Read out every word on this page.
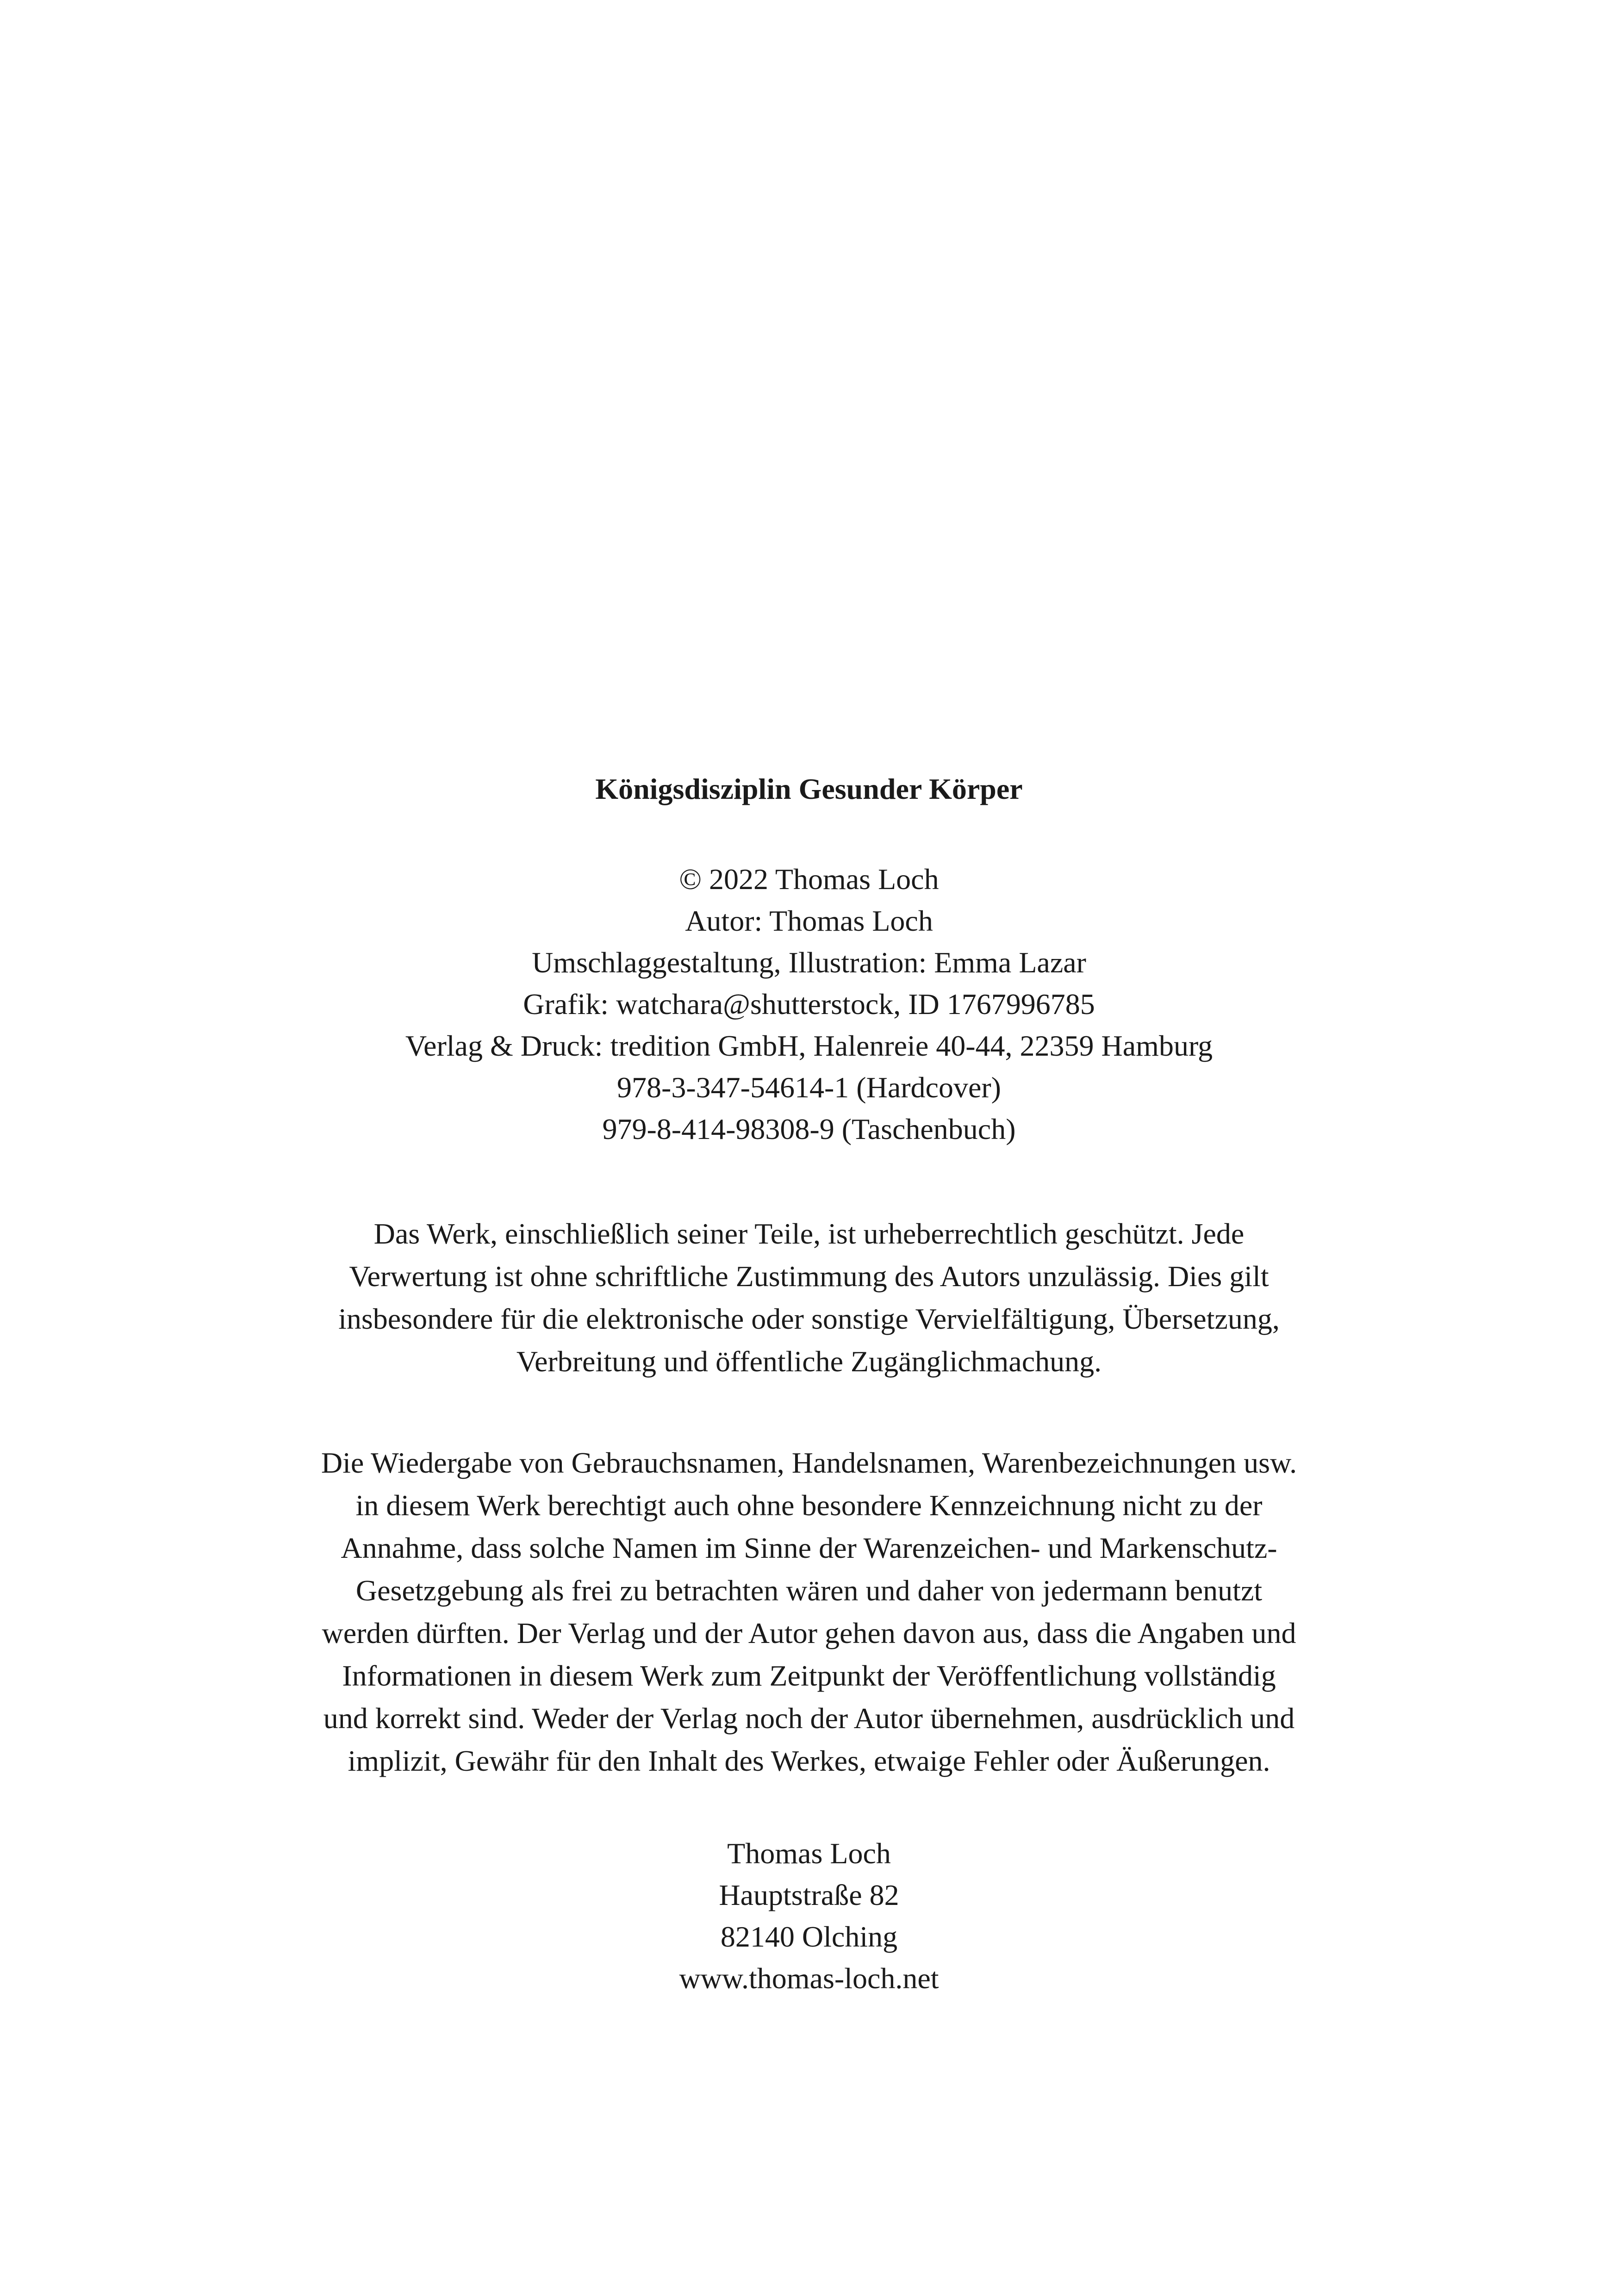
Königsdisziplin Gesunder Körper
© 2022 Thomas Loch
Autor: Thomas Loch
Umschlaggestaltung, Illustration: Emma Lazar
Grafik: watchara@shutterstock, ID 1767996785
Verlag & Druck: tredition GmbH, Halenreie 40-44, 22359 Hamburg
978-3-347-54614-1 (Hardcover)
979-8-414-98308-9 (Taschenbuch)
Das Werk, einschließlich seiner Teile, ist urheberrechtlich geschützt. Jede
Verwertung ist ohne schriftliche Zustimmung des Autors unzulässig. Dies gilt
insbesondere für die elektronische oder sonstige Vervielfältigung, Übersetzung,
Verbreitung und öffentliche Zugänglichmachung.
Die Wiedergabe von Gebrauchsnamen, Handelsnamen, Warenbezeichnungen usw.
in diesem Werk berechtigt auch ohne besondere Kennzeichnung nicht zu der
Annahme, dass solche Namen im Sinne der Warenzeichen- und Markenschutz-
Gesetzgebung als frei zu betrachten wären und daher von jedermann benutzt
werden dürften. Der Verlag und der Autor gehen davon aus, dass die Angaben und
Informationen in diesem Werk zum Zeitpunkt der Veröffentlichung vollständig
und korrekt sind. Weder der Verlag noch der Autor übernehmen, ausdrücklich und
implizit, Gewähr für den Inhalt des Werkes, etwaige Fehler oder Äußerungen.
Thomas Loch
Hauptstraße 82
82140 Olching
www.thomas-loch.net
